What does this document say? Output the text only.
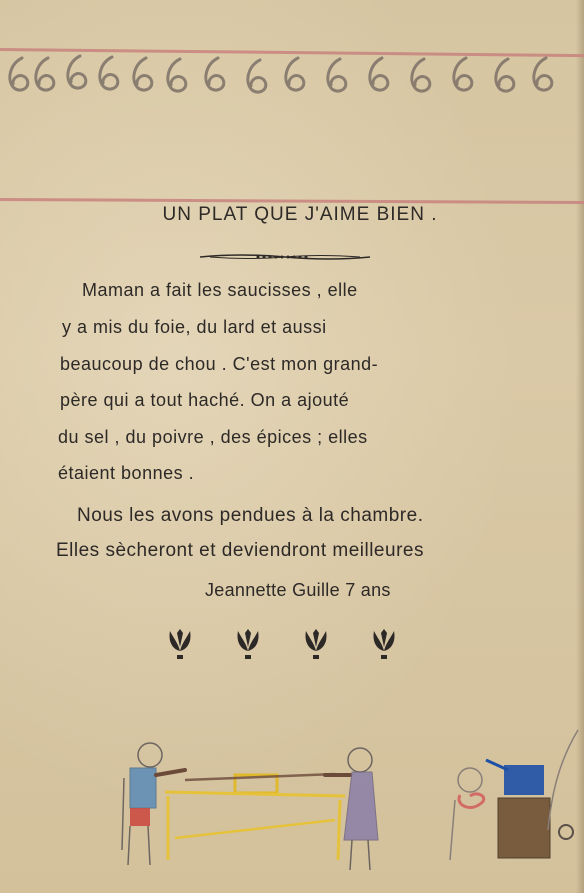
UN PLAT QUE J'AIME BIEN .
Maman a fait les saucisses , elle
y a mis du foie, du lard et aussi
beaucoup de chou . C'est mon grand-
père qui a tout haché. On a ajouté
du sel , du poivre , des épices ; elles
étaient bonnes .
Nous les avons pendues à la chambre.
Elles sècheront et deviendront meilleures
Jeannette Guille 7 ans
